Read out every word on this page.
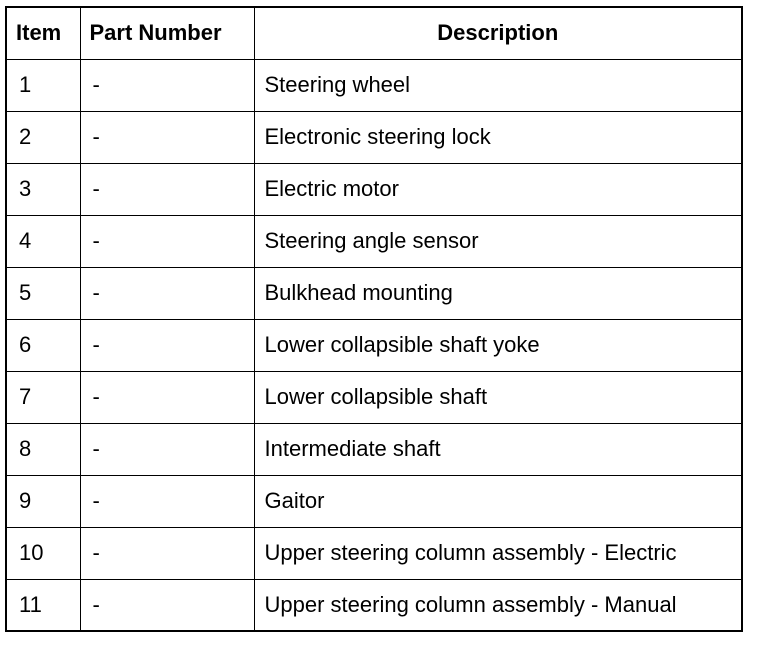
Item	Part Number	Description
1	-	Steering wheel
2	-	Electronic steering lock
3	-	Electric motor
4	-	Steering angle sensor
5	-	Bulkhead mounting
6	-	Lower collapsible shaft yoke
7	-	Lower collapsible shaft
8	-	Intermediate shaft
9	-	Gaitor
10	-	Upper steering column assembly - Electric
11	-	Upper steering column assembly - Manual
